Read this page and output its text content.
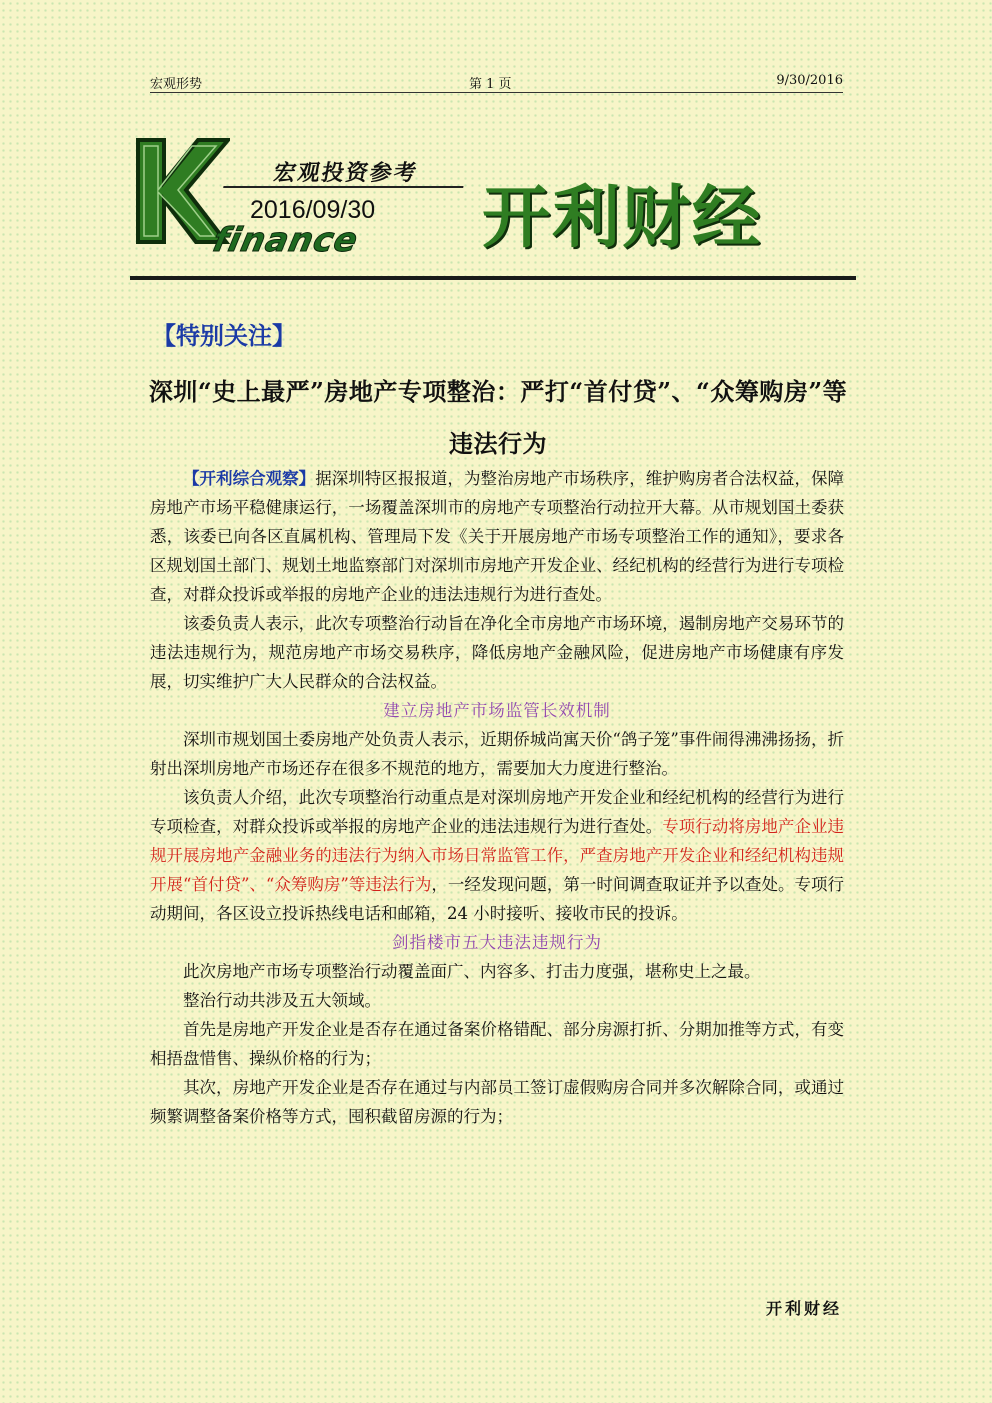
宏观形势	第 1 页	9/30/2016
宏观投资参考
2016/09/30
finance 开利财经
【特别关注】
深圳“史上最严”房地产专项整治：严打“首付贷”、“众筹购房”等违法行为

【开利综合观察】据深圳特区报报道，为整治房地产市场秩序，维护购房者合法权益，保障房地产市场平稳健康运行，一场覆盖深圳市的房地产专项整治行动拉开大幕。从市规划国土委获悉，该委已向各区直属机构、管理局下发《关于开展房地产市场专项整治工作的通知》，要求各区规划国土部门、规划土地监察部门对深圳市房地产开发企业、经纪机构的经营行为进行专项检查，对群众投诉或举报的房地产企业的违法违规行为进行查处。

该委负责人表示，此次专项整治行动旨在净化全市房地产市场环境，遏制房地产交易环节的违法违规行为，规范房地产市场交易秩序，降低房地产金融风险，促进房地产市场健康有序发展，切实维护广大人民群众的合法权益。

建立房地产市场监管长效机制

深圳市规划国土委房地产处负责人表示，近期侨城尚寓天价“鸽子笼”事件闹得沸沸扬扬，折射出深圳房地产市场还存在很多不规范的地方，需要加大力度进行整治。

该负责人介绍，此次专项整治行动重点是对深圳房地产开发企业和经纪机构的经营行为进行专项检查，对群众投诉或举报的房地产企业的违法违规行为进行查处。专项行动将房地产企业违规开展房地产金融业务的违法行为纳入市场日常监管工作，严查房地产开发企业和经纪机构违规开展“首付贷”、“众筹购房”等违法行为，一经发现问题，第一时间调查取证并予以查处。专项行动期间，各区设立投诉热线电话和邮箱，24 小时接听、接收市民的投诉。

剑指楼市五大违法违规行为

此次房地产市场专项整治行动覆盖面广、内容多、打击力度强，堪称史上之最。

整治行动共涉及五大领域。

首先是房地产开发企业是否存在通过备案价格错配、部分房源打折、分期加推等方式，有变相捂盘惜售、操纵价格的行为；

其次，房地产开发企业是否存在通过与内部员工签订虚假购房合同并多次解除合同，或通过频繁调整备案价格等方式，囤积截留房源的行为；

开利财经
